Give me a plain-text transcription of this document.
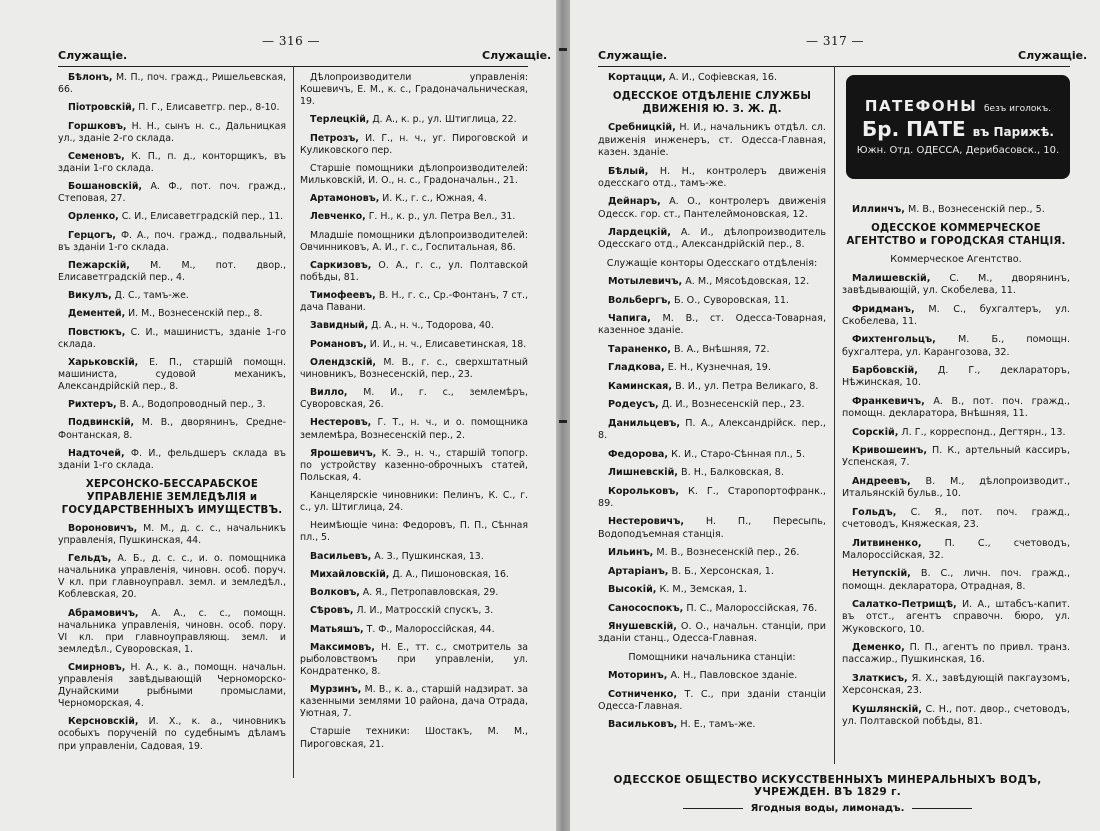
— 316 —
Служащіе.	Служащіе.
Бѣлонъ, М. П., поч. гражд., Ришельевская, 66.
Піотровскій, П. Г., Елисаветгр. пер., 8-10.
Горшковъ, Н. Н., сынъ н. с., Дальницкая ул., зданіе 2-го склада.
Семеновъ, К. П., п. д., конторщикъ, въ зданіи 1-го склада.
Бошановскій, А. Ф., пот. поч. гражд., Степовая, 27.
Орленко, С. И., Елисаветградскій пер., 11.
Герцогъ, Ф. А., поч. гражд., подвальный, въ зданіи 1-го склада.
Пежарскій, М. М., пот. двор., Елисаветградскій пер., 4.
Викулъ, Д. С., тамъ-же.
Дементей, И. М., Вознесенскій пер., 8.
Повстюкъ, С. И., машинистъ, зданіе 1-го склада.
Харьковскій, Е. П., старшій помощн. машиниста, судовой механикъ, Александрійскій пер., 8.
Рихтеръ, В. А., Водопроводный пер., 3.
Подвинскій, М. В., дворянинъ, Средне-Фонтанская, 8.
Надточей, Ф. И., фельдшеръ склада въ зданіи 1-го склада.
ХЕРСОНСКО-БЕССАРАБСКОЕ УПРАВЛЕНІЕ ЗЕМЛЕДѢЛІЯ и ГОСУДАРСТВЕННЫХЪ ИМУЩЕСТВЪ.
Вороновичъ, М. М., д. с. с., начальникъ управленія, Пушкинская, 44.
Гельдъ, А. Б., д. с. с., и. о. помощника начальника управленія, чиновн. особ. поруч. V кл. при главноуправл. земл. и земледѣл., Коблевская, 20.
Абрамовичъ, А. А., с. с., помощн. начальника управленія, чиновн. особ. пору. VI кл. при главноуправляющ. земл. и земледѣл., Суворовская, 1.
Смирновъ, Н. А., к. а., помощн. начальн. управленія завѣдывающій Черноморско-Дунайскими рыбными промыслами, Черноморская, 4.
Керсновскій, И. Х., к. а., чиновникъ особыхъ порученій по судебнымъ дѣламъ при управленіи, Садовая, 19.
Дѣлопроизводители управленія: Кошевичъ, Е. М., к. с., Градоначальническая, 19.
Терлецкій, Д. А., к. р., ул. Штиглица, 22.
Петрозъ, И. Г., н. ч., уг. Пироговской и Куликовского пер.
Старшіе помощники дѣлопроизводителей: Мильковскій, И. О., н. с., Градоначальн., 21.
Артамоновъ, И. К., г. с., Южная, 4.
Левченко, Г. Н., к. р., ул. Петра Вел., 31.
Младшіе помощники дѣлопроизводителей: Овчинниковъ, А. И., г. с., Госпитальная, 86.
Саркизовъ, О. А., г. с., ул. Полтавской побѣды, 81.
Тимофеевъ, В. Н., г. с., Ср.-Фонтанъ, 7 ст., дача Павани.
Завидный, Д. А., н. ч., Тодорова, 40.
Романовъ, И. И., н. ч., Елисаветинская, 18.
Олендзскій, М. В., г. с., сверхштатный чиновникъ, Вознесенскій, пер., 23.
Вилло, М. И., г. с., землемѣръ, Суворовская, 26.
Нестеровъ, Г. Т., н. ч., и о. помощника землемѣра, Вознесенскій пер., 2.
Ярошевичъ, К. Э., н. ч., старшій топогр. по устройству казенно-оброчныхъ статей, Польская, 4.
Канцелярскіе чиновники: Пелинъ, К. С., г. с., ул. Штиглица, 24.
Неимѣющіе чина: Федоровъ, П. П., Сѣнная пл., 5.
Васильевъ, А. З., Пушкинская, 13.
Михайловскій, Д. А., Пишоновская, 16.
Волковъ, А. Я., Петропавловская, 29.
Сѣровъ, Л. И., Матросскій спускъ, 3.
Матьяшъ, Т. Ф., Малороссійская, 44.
Максимовъ, Н. Е., тт. с., смотритель за рыболовствомъ при управленіи, ул. Кондратенко, 8.
Мурзинъ, М. В., к. а., старшій надзират. за казенными землями 10 района, дача Отрада, Уютная, 7.
Старшіе техники: Шостакъ, М. М., Пироговская, 21.
— 317 —
Служащіе.	Служащіе.
Кортацци, А. И., Софіевская, 16.
ОДЕССКОЕ ОТДѢЛЕНІЕ СЛУЖБЫ ДВИЖЕНІЯ Ю. З. Ж. Д.
Сребницкій, Н. И., начальникъ отдѣл. сл. движенія инженеръ, ст. Одесса-Главная, казен. зданіе.
Бѣлый, Н. Н., контролеръ движенія одесскаго отд., тамъ-же.
Дейнаръ, А. О., контролеръ движенія Одесск. гор. ст., Пантелеймоновская, 12.
Лардецкій, А. И., дѣлопроизводитель Одесскаго отд., Александрійскій пер., 8.
Служащіе конторы Одесскаго отдѣленія:
Мотылевичъ, А. М., Мясоѣдовская, 12.
Вольбергъ, Б. О., Суворовская, 11.
Чапига, М. В., ст. Одесса-Товарная, казенное зданіе.
Тараненко, В. А., Внѣшняя, 72.
Гладкова, Е. Н., Кузнечная, 19.
Каминская, В. И., ул. Петра Великаго, 8.
Родеусъ, Д. И., Вознесенскій пер., 23.
Данильцевъ, П. А., Александрійск. пер., 8.
Федорова, К. И., Старо-Сѣнная пл., 5.
Лишневскій, В. Н., Балковская, 8.
Корольковъ, К. Г., Старопортофранк., 89.
Нестеровичъ, Н. П., Пересыпь, Водоподъемная станція.
Ильинъ, М. В., Вознесенскій пер., 26.
Артаріанъ, В. Б., Херсонская, 1.
Высокій, К. М., Земская, 1.
Санососпокъ, П. С., Малороссійская, 76.
Янушевскій, О. О., начальн. станціи, при зданіи станц., Одесса-Главная.
Помощники начальника станціи:
Моторинъ, А. Н., Павловское зданіе.
Сотниченко, Т. С., при зданіи станціи Одесса-Главная.
Васильковъ, Н. Е., тамъ-же.
Иллинчъ, М. В., Вознесенскій пер., 5.
ОДЕССКОЕ КОММЕРЧЕСКОЕ АГЕНТСТВО и ГОРОДСКАЯ СТАНЦІЯ.
Коммерческое Агентство.
Малишевскій, С. М., дворянинъ, завѣдывающій, ул. Скобелева, 11.
Фридманъ, М. С., бухгалтеръ, ул. Скобелева, 11.
Фихтенгольцъ, М. Б., помощн. бухгалтера, ул. Карангозова, 32.
Барбовскій, Д. Г., деклараторъ, Нѣжинская, 10.
Франкевичъ, А. В., пот. поч. гражд., помощн. декларатора, Внѣшняя, 11.
Сорскій, Л. Г., корреспонд., Дегтярн., 13.
Кривошеинъ, П. К., артельный кассиръ, Успенская, 7.
Андреевъ, В. М., дѣлопроизводит., Итальянскій бульв., 10.
Гольдъ, С. Я., пот. поч. гражд., счетоводъ, Княжеская, 23.
Литвиненко, П. С., счетоводъ, Малороссійская, 32.
Нетупскій, В. С., личн. поч. гражд., помощн. декларатора, Отрадная, 8.
Салатко-Петрищѣ, И. А., штабсъ-капит. въ отст., агентъ справочн. бюро, ул. Жуковского, 10.
Деменко, П. П., агентъ по привл. транз. пассажир., Пушкинская, 16.
Златкисъ, Я. Х., завѣдующій пакгаузомъ, Херсонская, 23.
Кушлянскій, С. Н., пот. двор., счетоводъ, ул. Полтавской побѣды, 81.
ПАТЕФОНЫ безъ иголокъ.
Бр. ПАТЕ въ Парижѣ.
Южн. Отд. ОДЕССА, Дерибасовск., 10.
ОДЕССКОЕ ОБЩЕСТВО ИСКУССТВЕННЫХЪ МИНЕРАЛЬНЫХЪ ВОДЪ, УЧРЕЖДЕН. ВЪ 1829 г.
Ягодныя воды, лимонадъ.
